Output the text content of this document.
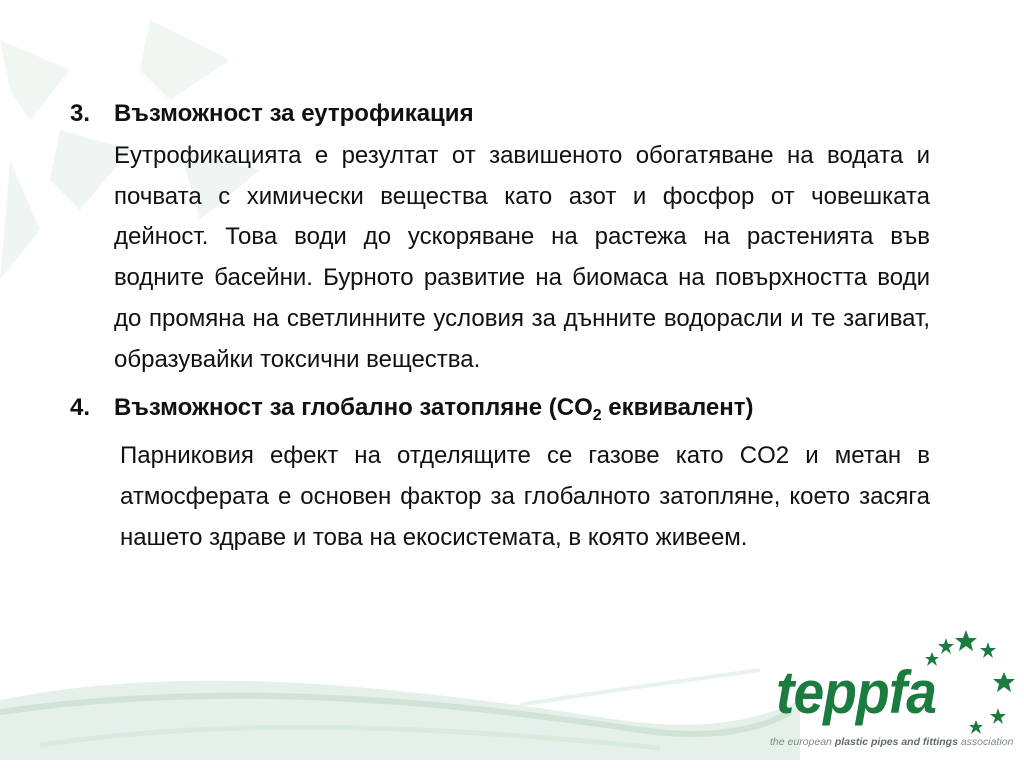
3. Възможност за еутрофикация
Еутрофикацията е резултат от завишеното обогатяване на водата и почвата с химически вещества като азот и фосфор от човешката дейност. Това води до ускоряване на растежа на растенията във водните басейни. Бурното развитие на биомаса на повърхността води до промяна на светлинните условия за дънните водорасли и те загиват, образувайки токсични вещества.
4. Възможност за глобално затопляне ($CO_2$ еквивалент)
Парниковия ефект на отделящите се газове като CO2 и метан в атмосферата е основен фактор за глобалното затопляне, което засяга нашето здраве и това на екосистемата, в която живеем.
teppfa
the european plastic pipes and fittings association
